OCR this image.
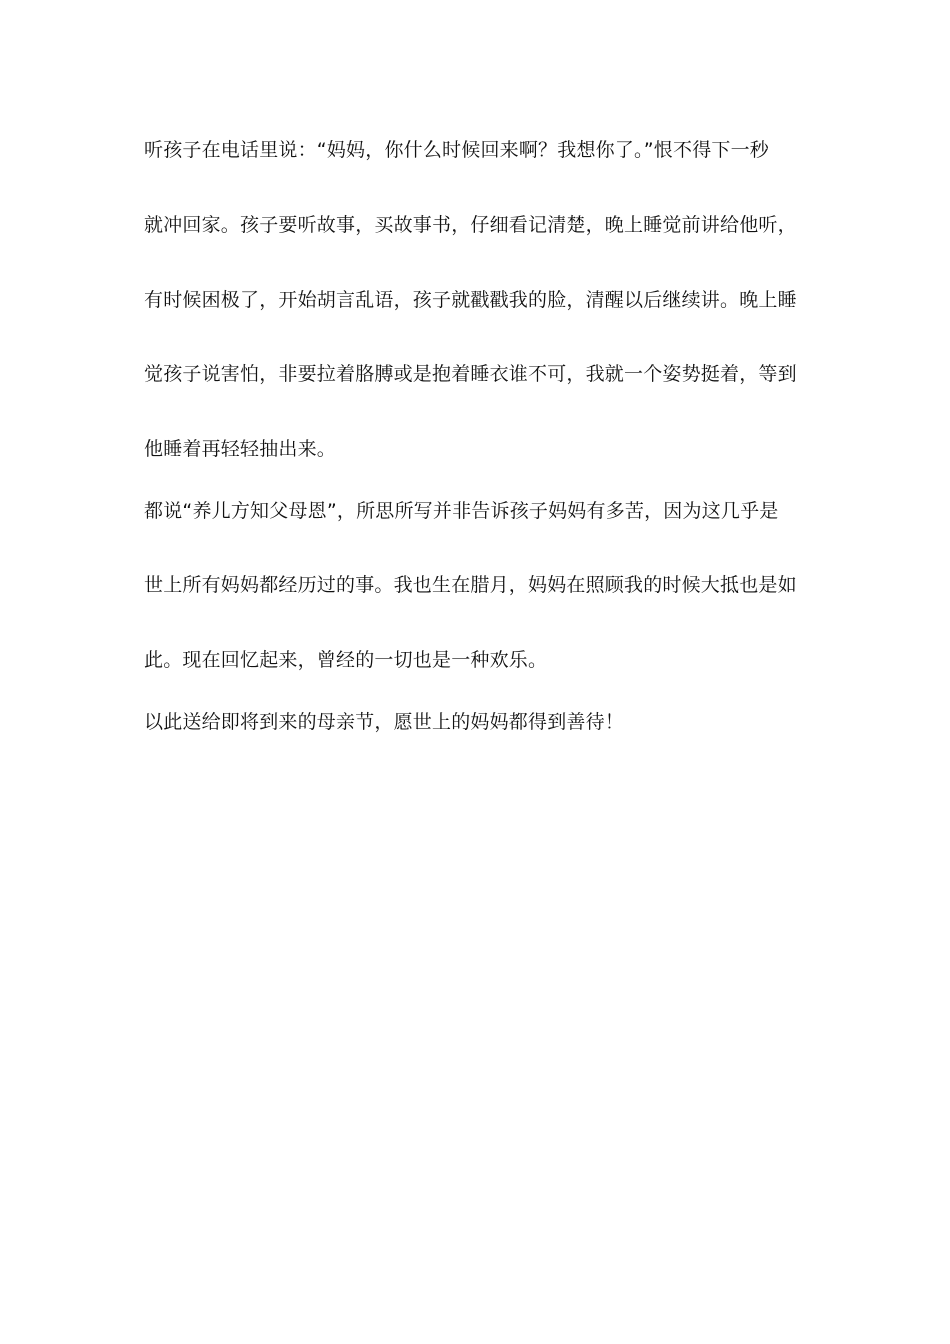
听孩子在电话里说：“妈妈，你什么时候回来啊？我想你了。”恨不得下一秒
就冲回家。孩子要听故事，买故事书，仔细看记清楚，晚上睡觉前讲给他听，
有时候困极了，开始胡言乱语，孩子就戳戳我的脸，清醒以后继续讲。晚上睡
觉孩子说害怕，非要拉着胳膊或是抱着睡衣谁不可，我就一个姿势挺着，等到
他睡着再轻轻抽出来。
都说“养儿方知父母恩”，所思所写并非告诉孩子妈妈有多苦，因为这几乎是
世上所有妈妈都经历过的事。我也生在腊月，妈妈在照顾我的时候大抵也是如
此。现在回忆起来，曾经的一切也是一种欢乐。
以此送给即将到来的母亲节，愿世上的妈妈都得到善待！
